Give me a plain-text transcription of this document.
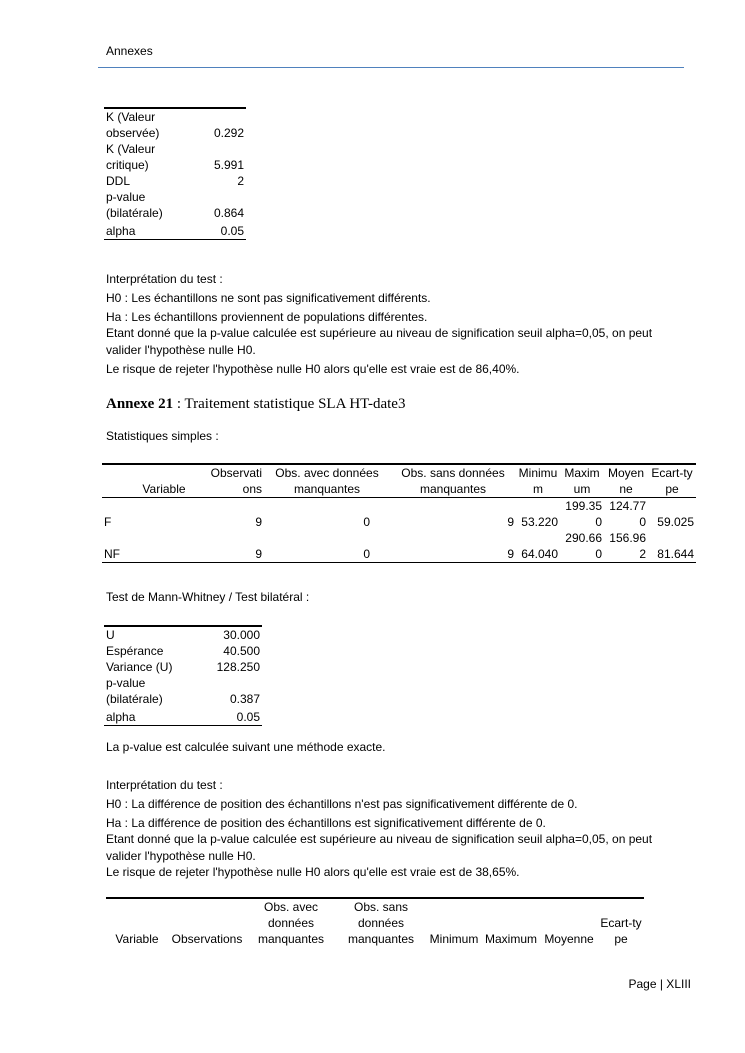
Annexes
K (Valeur observée)	0.292

K (Valeur critique)	5.991
DDL	2

p-value (bilatérale)	0.864
alpha	0.05
Interprétation du test :
H0 : Les échantillons ne sont pas significativement différents.
Ha : Les échantillons proviennent de populations différentes.
Etant donné que la p-value calculée est supérieure au niveau de signification seuil alpha=0,05, on peut valider l'hypothèse nulle H0.
Le risque de rejeter l'hypothèse nulle H0 alors qu'elle est vraie est de 86,40%.
Annexe 21 : Traitement statistique SLA HT-date3
Statistiques simples :
Variable	Observations	Obs. avec données manquantes	Obs. sans données manquantes	Minimum	Maximum	Moyenne	Ecart-type
F	9	0	9	53.220	199.350	124.770	59.025
NF	9	0	9	64.040	290.660	156.962	81.644
Test de Mann-Whitney / Test bilatéral :
U	30.000
Espérance	40.500
Variance (U)	128.250

p-value (bilatérale)	0.387
alpha	0.05
La p-value est calculée suivant une méthode exacte.
Interprétation du test :
H0 : La différence de position des échantillons n'est pas significativement différente de 0.
Ha : La différence de position des échantillons est significativement différente de 0.
Etant donné que la p-value calculée est supérieure au niveau de signification seuil alpha=0,05, on peut valider l'hypothèse nulle H0.
Le risque de rejeter l'hypothèse nulle H0 alors qu'elle est vraie est de 38,65%.
Variable	Observations	Obs. avec données manquantes	Obs. sans données manquantes	Minimum	Maximum	Moyenne	Ecart-type
Page | XLIII
